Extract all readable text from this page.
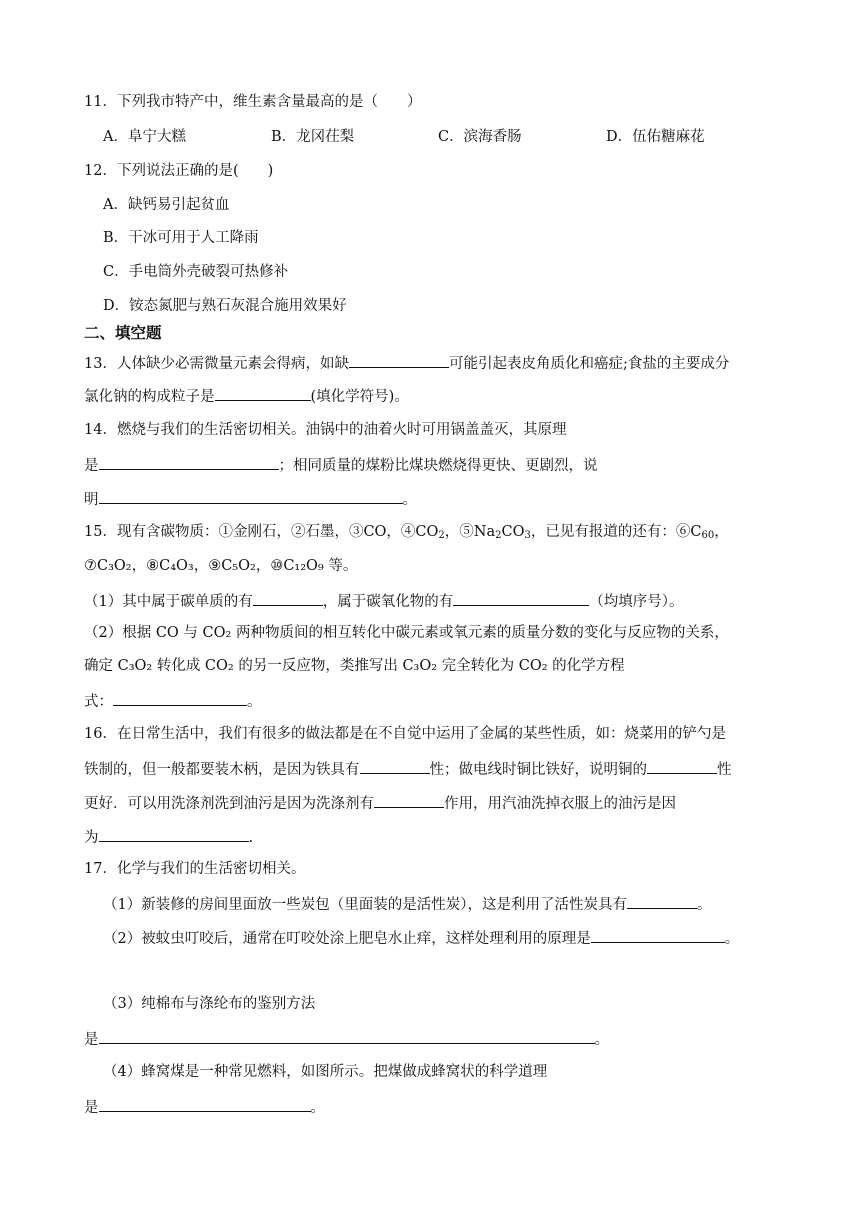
11．下列我市特产中，维生素含量最高的是（　　）
A．阜宁大糕	B．龙冈茌梨	C．滨海香肠	D．伍佑糖麻花
12．下列说法正确的是(　　)
A．缺钙易引起贫血
B．干冰可用于人工降雨
C．手电筒外壳破裂可热修补
D．铵态氮肥与熟石灰混合施用效果好
二、填空题
13．人体缺少必需微量元素会得病，如缺	可能引起表皮角质化和癌症;食盐的主要成分
氯化钠的构成粒子是	(填化学符号)。
14．燃烧与我们的生活密切相关。油锅中的油着火时可用锅盖盖灭，其原理
是	；相同质量的煤粉比煤块燃烧得更快、更剧烈，说
明	。
15．现有含碳物质：①金刚石，②石墨，③CO，$④CO_2$，$⑤Na_2CO_3$，已见有报道的还有：$⑥C_{60}$，
⑦C₃O₂，⑧C₄O₃，⑨C₅O₂，⑩C₁₂O₉ 等。
（1）其中属于碳单质的有	，属于碳氧化物的有	（均填序号）。
（2）根据 CO 与 CO₂ 两种物质间的相互转化中碳元素或氧元素的质量分数的变化与反应物的关系，
确定 C₃O₂ 转化成 CO₂ 的另一反应物，类推写出 C₃O₂ 完全转化为 CO₂ 的化学方程
式：	。
16．在日常生活中，我们有很多的做法都是在不自觉中运用了金属的某些性质，如：烧菜用的铲勺是
铁制的，但一般都要装木柄，是因为铁具有	性；做电线时铜比铁好，说明铜的	性
更好．可以用洗涤剂洗到油污是因为洗涤剂有	作用，用汽油洗掉衣服上的油污是因
为	.
17．化学与我们的生活密切相关。
（1）新装修的房间里面放一些炭包（里面装的是活性炭），这是利用了活性炭具有	。
（2）被蚊虫叮咬后，通常在叮咬处涂上肥皂水止痒，这样处理利用的原理是	。
（3）纯棉布与涤纶布的鉴别方法
是	。
（4）蜂窝煤是一种常见燃料，如图所示。把煤做成蜂窝状的科学道理
是	。
